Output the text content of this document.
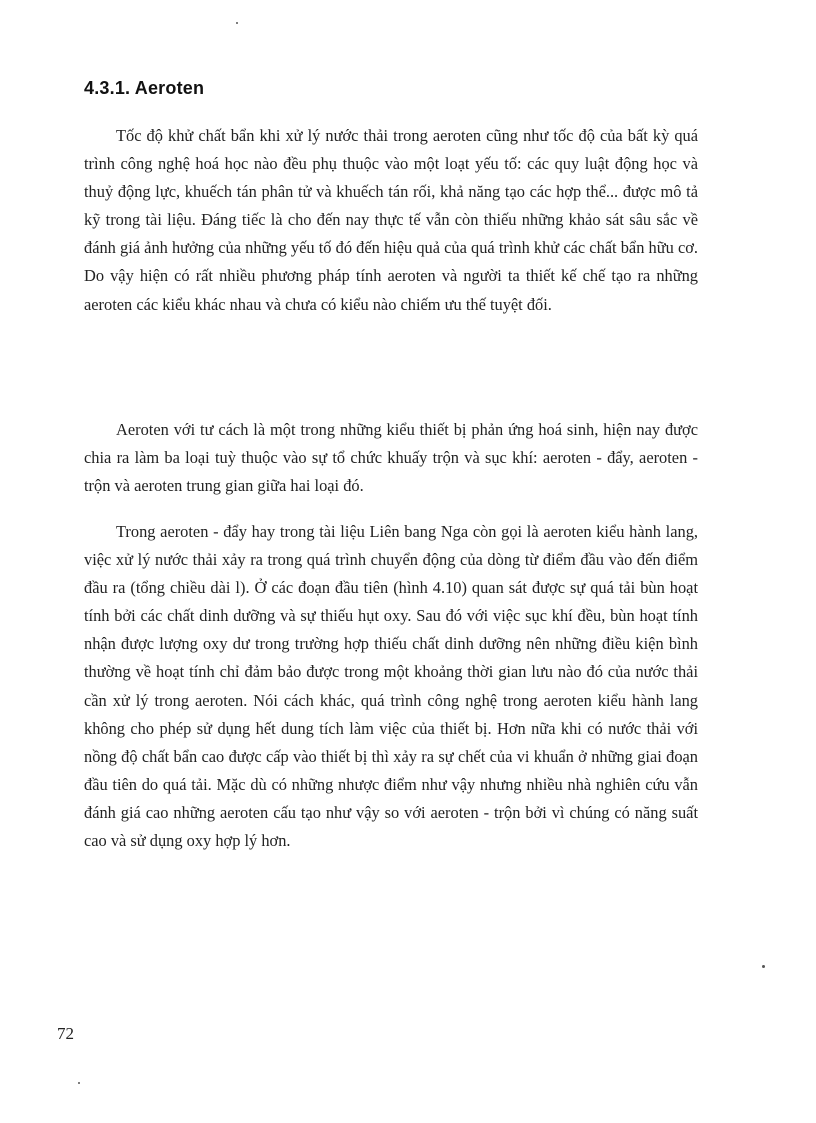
4.3.1. Aeroten

Tốc độ khử chất bẩn khi xử lý nước thải trong aeroten cũng như tốc độ của bất kỳ quá trình công nghệ hoá học nào đều phụ thuộc vào một loạt yếu tố: các quy luật động học và thuỷ động lực, khuếch tán phân tử và khuếch tán rối, khả năng tạo các hợp thể... được mô tả kỹ trong tài liệu. Đáng tiếc là cho đến nay thực tế vẫn còn thiếu những khảo sát sâu sắc về đánh giá ảnh hưởng của những yếu tố đó đến hiệu quả của quá trình khử các chất bẩn hữu cơ. Do vậy hiện có rất nhiều phương pháp tính aeroten và người ta thiết kế chế tạo ra những aeroten các kiểu khác nhau và chưa có kiểu nào chiếm ưu thế tuyệt đối.

Aeroten với tư cách là một trong những kiểu thiết bị phản ứng hoá sinh, hiện nay được chia ra làm ba loại tuỳ thuộc vào sự tổ chức khuấy trộn và sục khí: aeroten - đẩy, aeroten - trộn và aeroten trung gian giữa hai loại đó.

Trong aeroten - đẩy hay trong tài liệu Liên bang Nga còn gọi là aeroten kiểu hành lang, việc xử lý nước thải xảy ra trong quá trình chuyển động của dòng từ điểm đầu vào đến điểm đầu ra (tổng chiều dài l). Ở các đoạn đầu tiên (hình 4.10) quan sát được sự quá tải bùn hoạt tính bởi các chất dinh dưỡng và sự thiếu hụt oxy. Sau đó với việc sục khí đều, bùn hoạt tính nhận được lượng oxy dư trong trường hợp thiếu chất dinh dưỡng nên những điều kiện bình thường về hoạt tính chỉ đảm bảo được trong một khoảng thời gian lưu nào đó của nước thải cần xử lý trong aeroten. Nói cách khác, quá trình công nghệ trong aeroten kiểu hành lang không cho phép sử dụng hết dung tích làm việc của thiết bị. Hơn nữa khi có nước thải với nồng độ chất bẩn cao được cấp vào thiết bị thì xảy ra sự chết của vi khuẩn ở những giai đoạn đầu tiên do quá tải. Mặc dù có những nhược điểm như vậy nhưng nhiều nhà nghiên cứu vẫn đánh giá cao những aeroten cấu tạo như vậy so với aeroten - trộn bởi vì chúng có năng suất cao và sử dụng oxy hợp lý hơn.

72
